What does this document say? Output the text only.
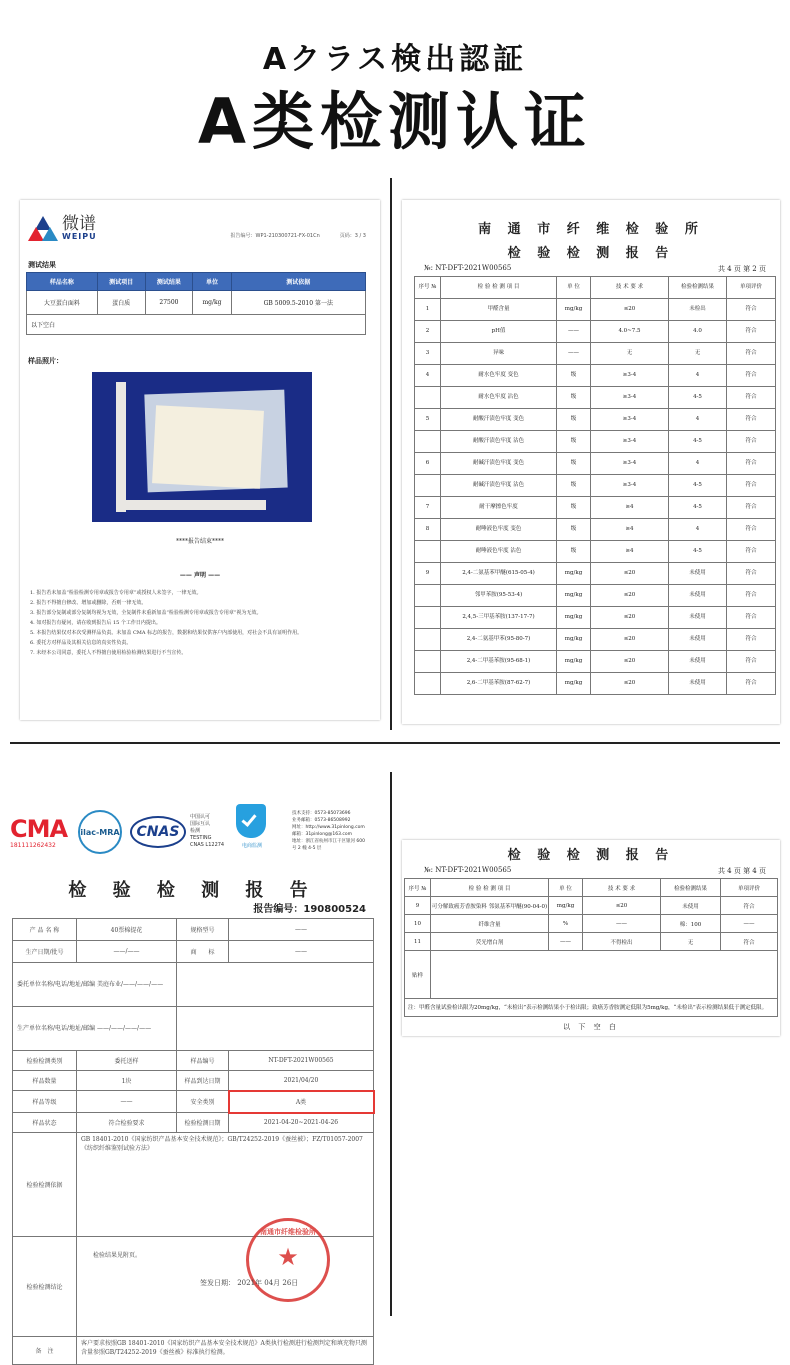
Aクラス検出認証
A类检测认证
微谱
WEIPU	报告编号：WP1-210300721-FX-01Cn	页码：3 / 3
测试结果
样品名称	测试项目	测试结果	单位	测试依据
大豆蛋白面料	蛋白质	27500	mg/kg	GB 5009.5-2010 第一法
以下空白				
样品照片：
****报告结束****
—— 声明 ——

1. 报告若未加盖“检验检测专用章或报告专用章”或授权人未签字，一律无效。

2. 报告不得擅自修改、增加或删除，否则一律无效。

3. 报告部分复制或部分复制均视为无效，全复制件未重新加盖“检验检测专用章或报告专用章”视为无效。

4. 如对报告有疑问，请在收到报告后 15 个工作日内提出。

5. 本报告结果仅对本次受测样品负责。未加盖 CMA 标志的报告，数据和结果仅供客户内部使用，对社会不具有证明作用。

6. 委托方对样品及其相关信息的真实性负责。

7. 未经本公司同意，委托人不得擅自使用检验检测结果进行不当宣传。

南 通 市 纤 维 检 验 所
检 验 检 测 报 告
№: NT-DFT-2021W00565	共 4 页 第 2 页
序号 №	检 验 检 测 项 目	单 位	技 术 要 求	检验检测结果	单项评价
1	甲醛含量	mg/kg	≤20	未检出	符合
2	pH值	——	4.0~7.5	4.0	符合
3	异味	——	无	无	符合
4	耐水色牢度 变色	级	≥3-4	4	符合
	耐水色牢度 沾色	级	≥3-4	4-5	符合
5	耐酸汗渍色牢度 变色	级	≥3-4	4	符合
	耐酸汗渍色牢度 沾色	级	≥3-4	4-5	符合
6	耐碱汗渍色牢度 变色	级	≥3-4	4	符合
	耐碱汗渍色牢度 沾色	级	≥3-4	4-5	符合
7	耐干摩擦色牢度	级	≥4	4-5	符合
8	耐唾液色牢度 变色	级	≥4	4	符合
	耐唾液色牢度 沾色	级	≥4	4-5	符合
9	2,4-二氨基苯甲醚(615-05-4)	mg/kg	≤20	未使用	符合
	邻甲苯胺(95-53-4)	mg/kg	≤20	未使用	符合
	2,4,5-三甲基苯胺(137-17-7)	mg/kg	≤20	未使用	符合
	2,4-二氨基甲苯(95-80-7)	mg/kg	≤20	未使用	符合
	2,4-二甲基苯胺(95-68-1)	mg/kg	≤20	未使用	符合
	2,6-二甲基苯胺(87-62-7)	mg/kg	≤20	未使用	符合
CMA
181111262432
ilac-MRA	CNAS
中国认可
国际互认
检测
TESTING
CNAS L12274	电商监测
技术支持：0573-85073696
业务邮箱：0573-86508992
网址：http://www.31pinlong.com
邮箱：31pinlong@163.com
地址：浙江省杭州市江干区银河 600
号 2 幢 4-5 层
检 验 检 测 报 告
报告编号：190800524
产 品 名 称	40票棉提花	规格型号	——
生产日期/批号	——/——	商　　标	——
委托单位名称/电话/地址/邮编 美庭布业/——/——/——			
生产单位名称/电话/地址/邮编 ——/——/——/——			
检验检测类别	委托送样	样品编号	NT-DFT-2021W00565
样品数量	1块	样品到达日期	2021/04/20
样品等级	——	安全类别	A类
样品状态	符合检验要求	检验检测日期	2021-04-20~2021-04-26
检验检测依据	GB 18401-2010《国家纺织产品基本安全技术规范》；GB/T24252-2019《蚕丝被》；FZ/T01057-2007《纺织纤维鉴别试验方法》		
检验检测结论	检验结果见附页。		
备　注	客户要求按照GB 18401-2010《国家纺织产品基本安全技术规范》A类执行检测进行检测判定和填充物只测含量参照GB/T24252-2019《蚕丝被》标准执行检测。		
南通市纤维检验所
★
签发日期： 2021年 04月 26日
检 验 检 测 报 告
№: NT-DFT-2021W00565	共 4 页 第 4 页
序号 №	检 验 检 测 项 目	单 位	技 术 要 求	检验检测结果	单项评价
9	可分解致癌芳香胺染料 邻氨基苯甲醚(90-04-0)	mg/kg	≤20	未使用	符合
10	纤维含量	%	——	棉：100	——
11	荧光增白剂	——	不得检出	无	符合
贴样					
注：甲醛含量试验检出限为20mg/kg，“未检出”表示检测结果小于检出限；致癌芳香胺测定低限为5mg/kg，“未检出”表示检测结果低于测定低限。					
以 下 空 白
